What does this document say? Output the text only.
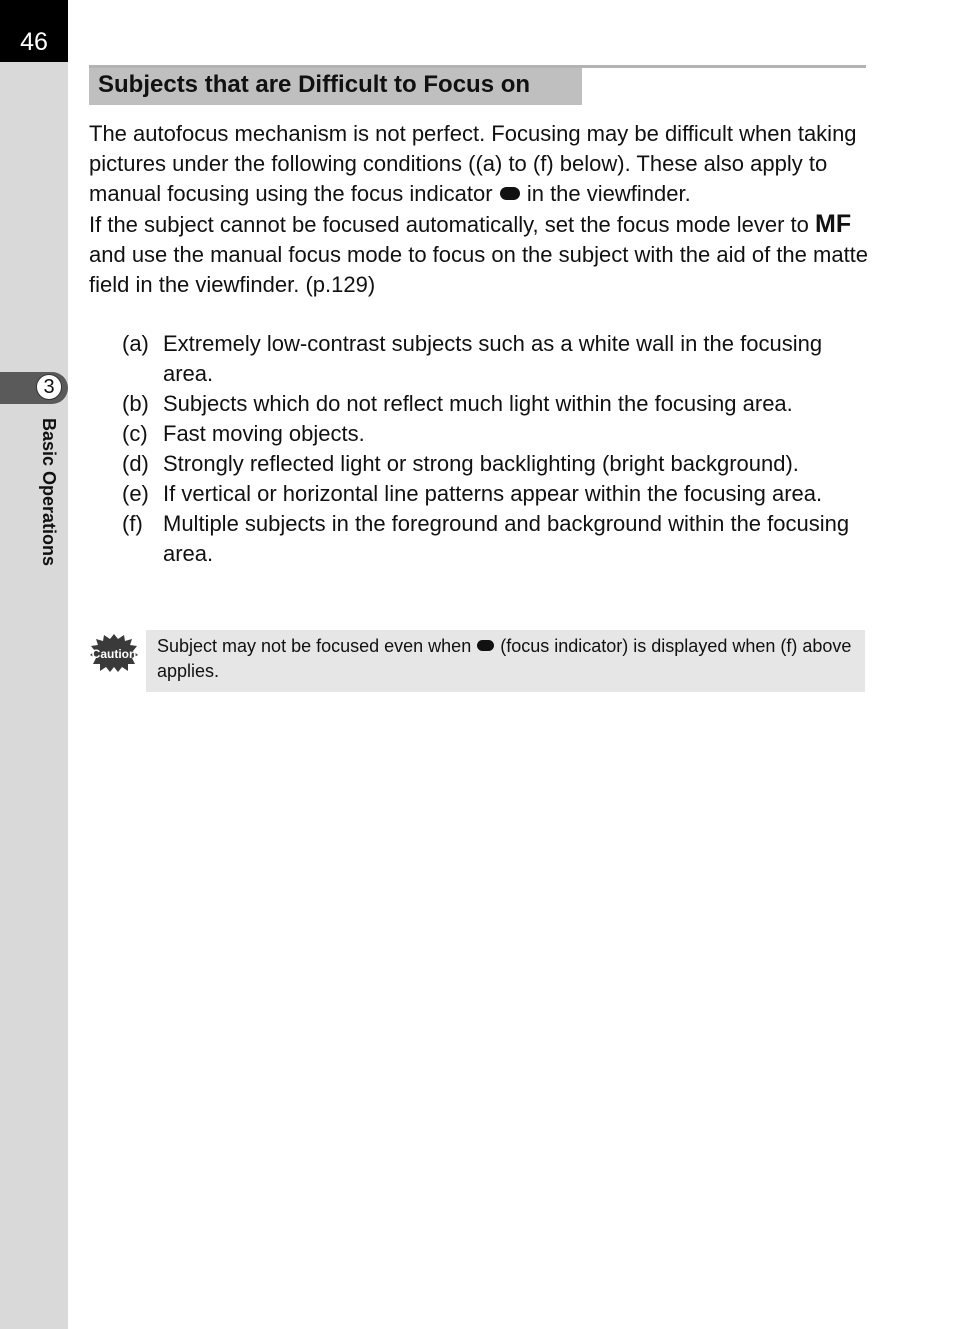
46
3
Basic Operations
Subjects that are Difficult to Focus on

The autofocus mechanism is not perfect. Focusing may be difficult when taking pictures under the following conditions ((a) to (f) below). These also apply to manual focusing using the focus indicator in the viewfinder.

If the subject cannot be focused automatically, set the focus mode lever to MF and use the manual focus mode to focus on the subject with the aid of the matte field in the viewfinder. (p.129)

(a) Extremely low-contrast subjects such as a white wall in the focusing area.
(b) Subjects which do not reflect much light within the focusing area.
(c) Fast moving objects.
(d) Strongly reflected light or strong backlighting (bright background).
(e) If vertical or horizontal line patterns appear within the focusing area.
(f) Multiple subjects in the foreground and background within the focusing area.
Caution	Subject may not be focused even when (focus indicator) is displayed when (f) above applies.
